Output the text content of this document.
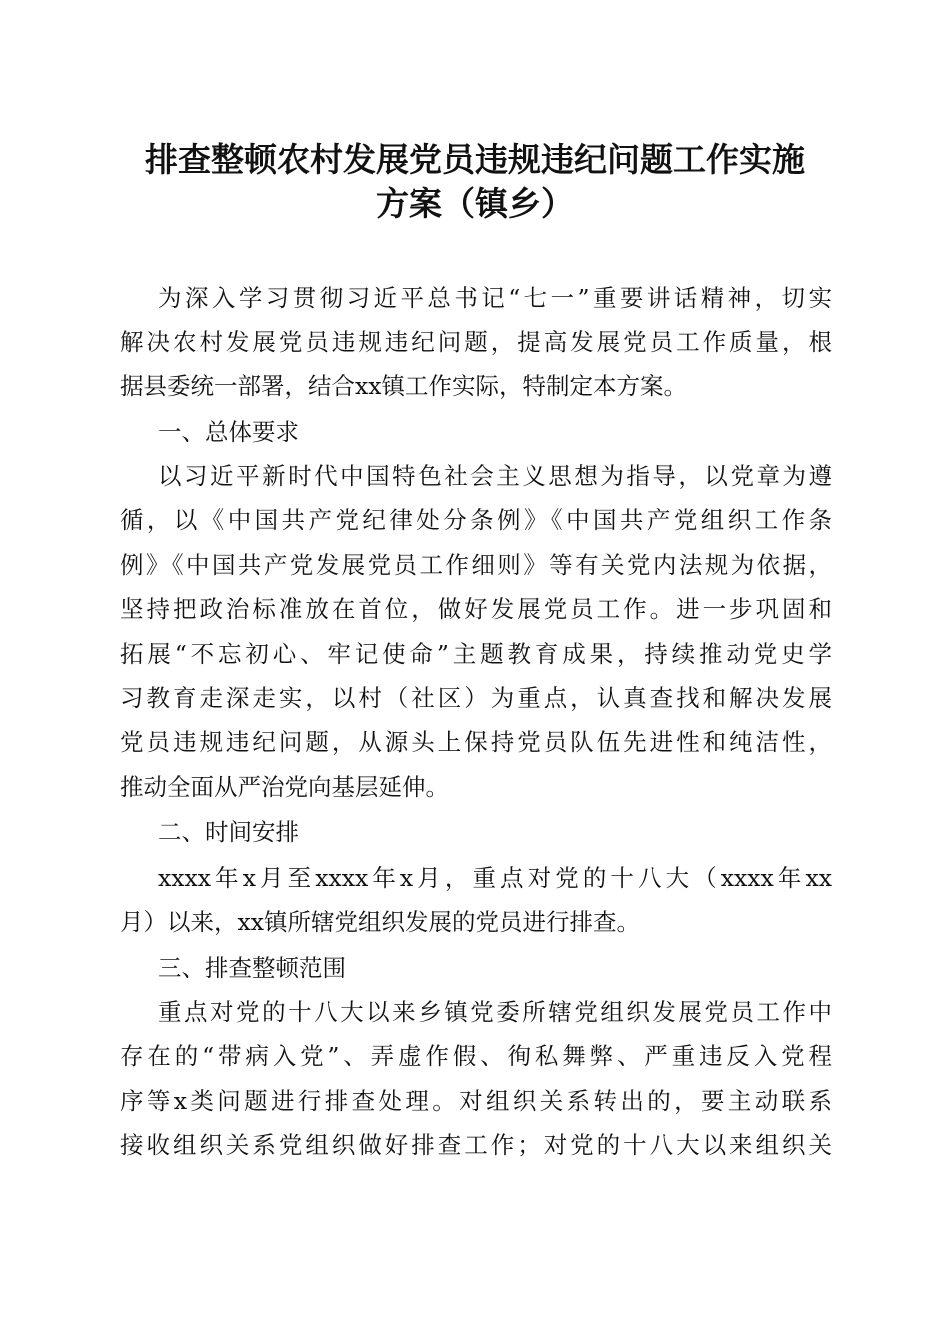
排查整顿农村发展党员违规违纪问题工作实施
方案（镇乡）
为深入学习贯彻习近平总书记“七一”重要讲话精神，切实
解决农村发展党员违规违纪问题，提高发展党员工作质量，根
据县委统一部署，结合xx镇工作实际，特制定本方案。
一、总体要求
以习近平新时代中国特色社会主义思想为指导，以党章为遵
循，以《中国共产党纪律处分条例》《中国共产党组织工作条
例》《中国共产党发展党员工作细则》等有关党内法规为依据，
坚持把政治标准放在首位，做好发展党员工作。进一步巩固和
拓展“不忘初心、牢记使命”主题教育成果，持续推动党史学
习教育走深走实，以村（社区）为重点，认真查找和解决发展
党员违规违纪问题，从源头上保持党员队伍先进性和纯洁性，
推动全面从严治党向基层延伸。
二、时间安排
xxxx年x月至xxxx年x月，重点对党的十八大（xxxx年xx
月）以来，xx镇所辖党组织发展的党员进行排查。
三、排查整顿范围
重点对党的十八大以来乡镇党委所辖党组织发展党员工作中
存在的“带病入党”、弄虚作假、徇私舞弊、严重违反入党程
序等x类问题进行排查处理。对组织关系转出的，要主动联系
接收组织关系党组织做好排查工作；对党的十八大以来组织关
